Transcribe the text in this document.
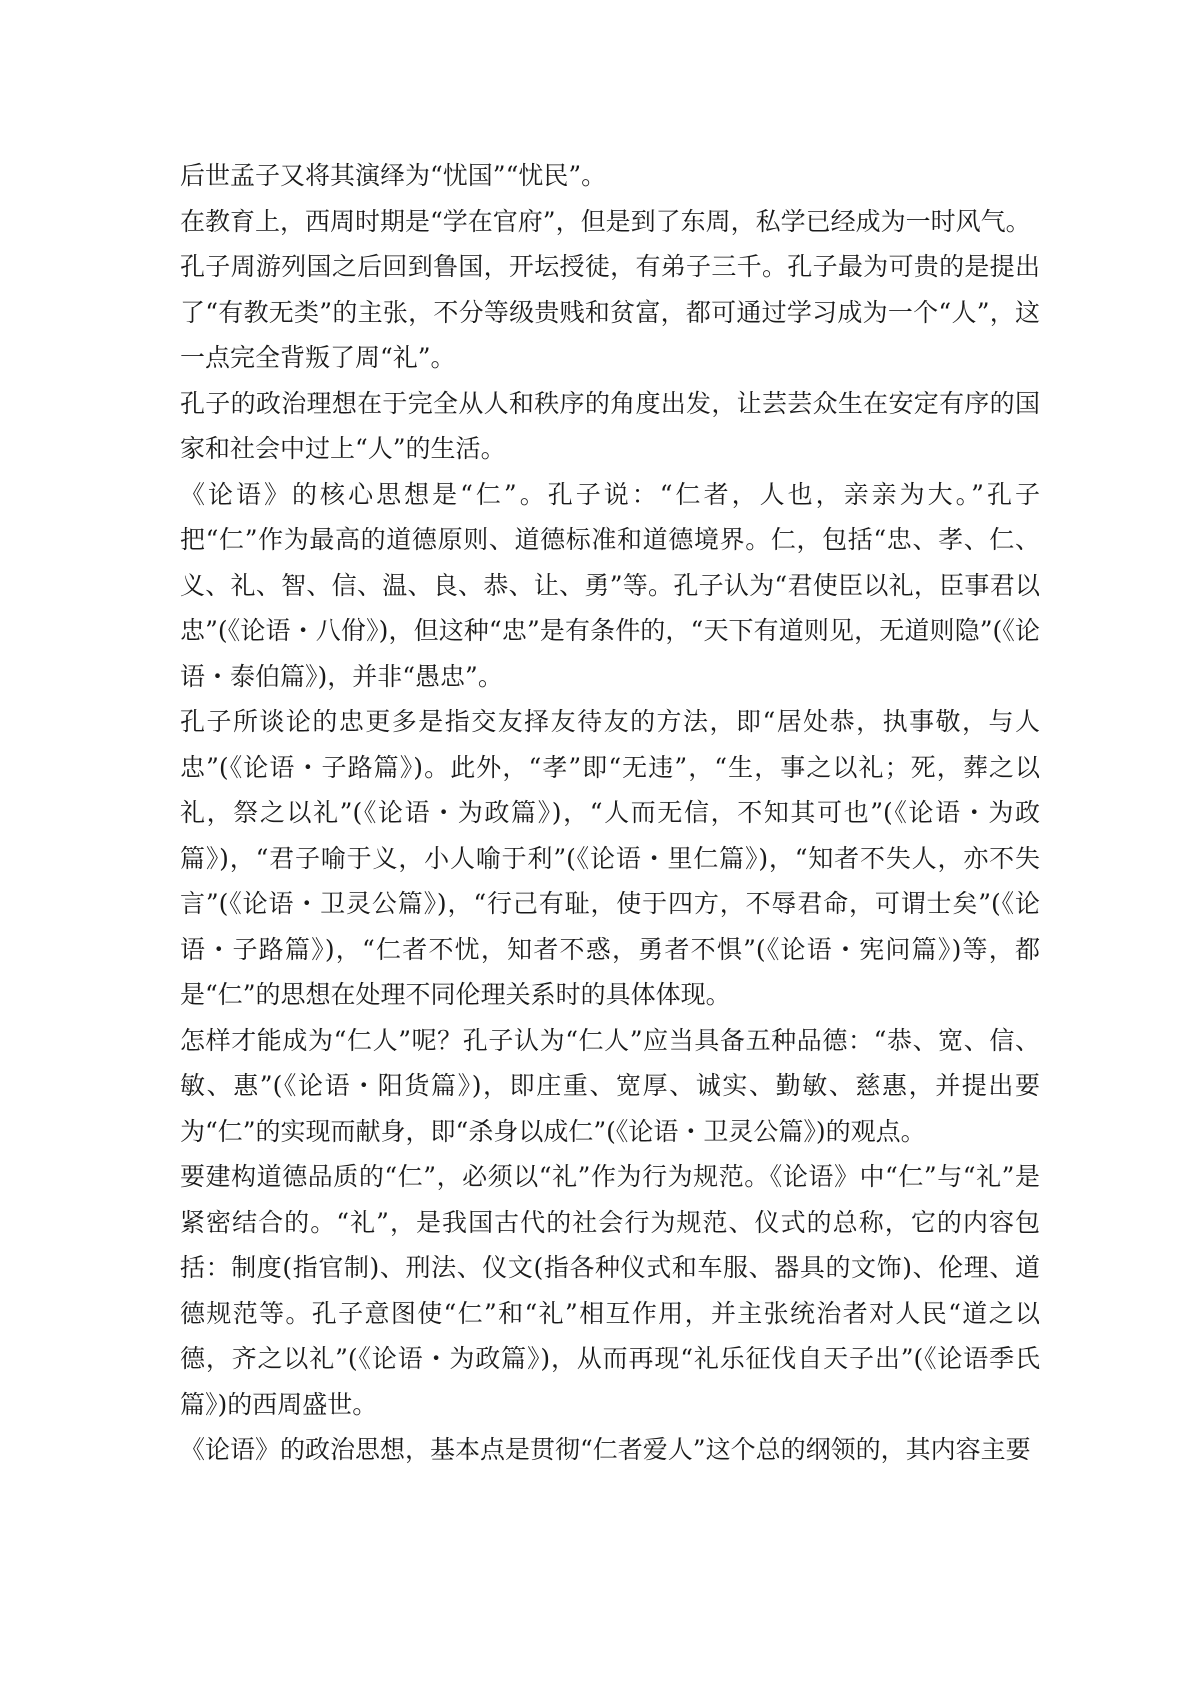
后世孟子又将其演绎为“忧国”“忧民”。

在教育上，西周时期是“学在官府”，但是到了东周，私学已经成为一时风气。

孔子周游列国之后回到鲁国，开坛授徒，有弟子三千。孔子最为可贵的是提出了“有教无类”的主张，不分等级贵贱和贫富，都可通过学习成为一个“人”，这一点完全背叛了周“礼”。

孔子的政治理想在于完全从人和秩序的角度出发，让芸芸众生在安定有序的国家和社会中过上“人”的生活。

《论语》的核心思想是“仁”。孔子说：“仁者，人也，亲亲为大。”孔子把“仁”作为最高的道德原则、道德标准和道德境界。仁，包括“忠、孝、仁、义、礼、智、信、温、良、恭、让、勇”等。孔子认为“君使臣以礼，臣事君以忠”(《论语・八佾》)，但这种“忠”是有条件的，“天下有道则见，无道则隐”(《论语・泰伯篇》)，并非“愚忠”。

孔子所谈论的忠更多是指交友择友待友的方法，即“居处恭，执事敬，与人忠”(《论语・子路篇》)。此外，“孝”即“无违”，“生，事之以礼；死，葬之以礼，祭之以礼”(《论语・为政篇》)，“人而无信，不知其可也”(《论语・为政篇》)，“君子喻于义，小人喻于利”(《论语・里仁篇》)，“知者不失人，亦不失言”(《论语・卫灵公篇》)，“行己有耻，使于四方，不辱君命，可谓士矣”(《论语・子路篇》)，“仁者不忧，知者不惑，勇者不惧”(《论语・宪问篇》)等，都是“仁”的思想在处理不同伦理关系时的具体体现。

怎样才能成为“仁人”呢？孔子认为“仁人”应当具备五种品德：“恭、宽、信、敏、惠”(《论语・阳货篇》)，即庄重、宽厚、诚实、勤敏、慈惠，并提出要为“仁”的实现而献身，即“杀身以成仁”(《论语・卫灵公篇》)的观点。

要建构道德品质的“仁”，必须以“礼”作为行为规范。《论语》中“仁”与“礼”是紧密结合的。“礼”，是我国古代的社会行为规范、仪式的总称，它的内容包括：制度(指官制)、刑法、仪文(指各种仪式和车服、器具的文饰)、伦理、道德规范等。孔子意图使“仁”和“礼”相互作用，并主张统治者对人民“道之以德，齐之以礼”(《论语・为政篇》)，从而再现“礼乐征伐自天子出”(《论语季氏篇》)的西周盛世。

《论语》的政治思想，基本点是贯彻“仁者爱人”这个总的纲领的，其内容主要
